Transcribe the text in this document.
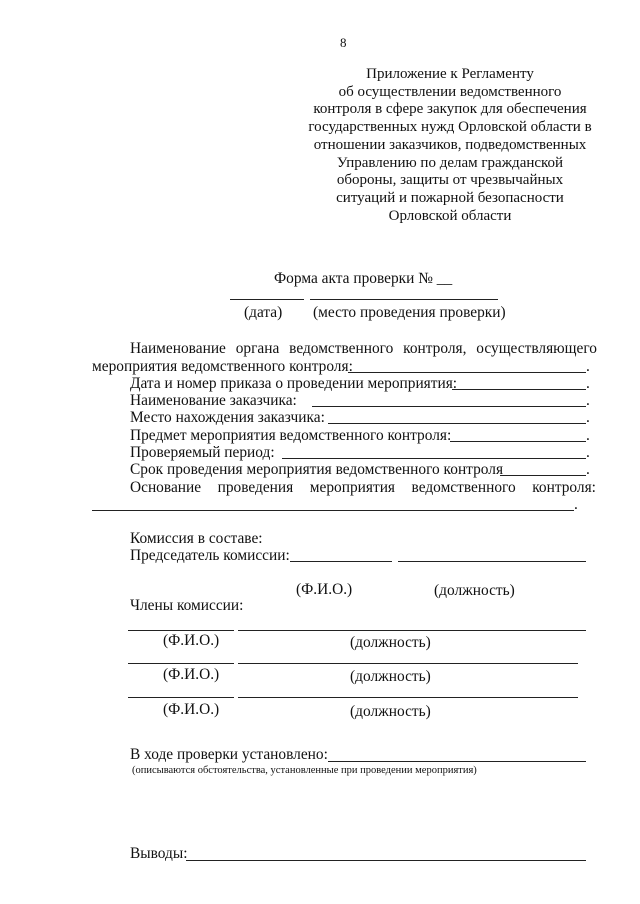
8
Приложение к Регламенту
об осуществлении ведомственного
контроля в сфере закупок для обеспечения
государственных нужд Орловской области в
отношении заказчиков, подведомственных
Управлению по делам гражданской
обороны, защиты от чрезвычайных
ситуаций и пожарной безопасности
Орловской области
Форма акта проверки № __
(дата) (место проведения проверки)
Наименование органа ведомственного контроля, осуществляющего
мероприятия ведомственного контроля:	.
Дата и номер приказа о проведении мероприятия:	.
Наименование заказчика:	.
Место нахождения заказчика:	.
Предмет мероприятия ведомственного контроля:	.
Проверяемый период:	.
Срок проведения мероприятия ведомственного контроля	.
Основание проведения мероприятия ведомственного контроля:
.
Комиссия в составе:
Председатель комиссии:
(Ф.И.О.)	(должность)
Члены комиссии:
(Ф.И.О.)	(должность)
(Ф.И.О.)	(должность)
(Ф.И.О.)	(должность)
В ходе проверки установлено:
(описываются обстоятельства, установленные при проведении мероприятия)
Выводы:
